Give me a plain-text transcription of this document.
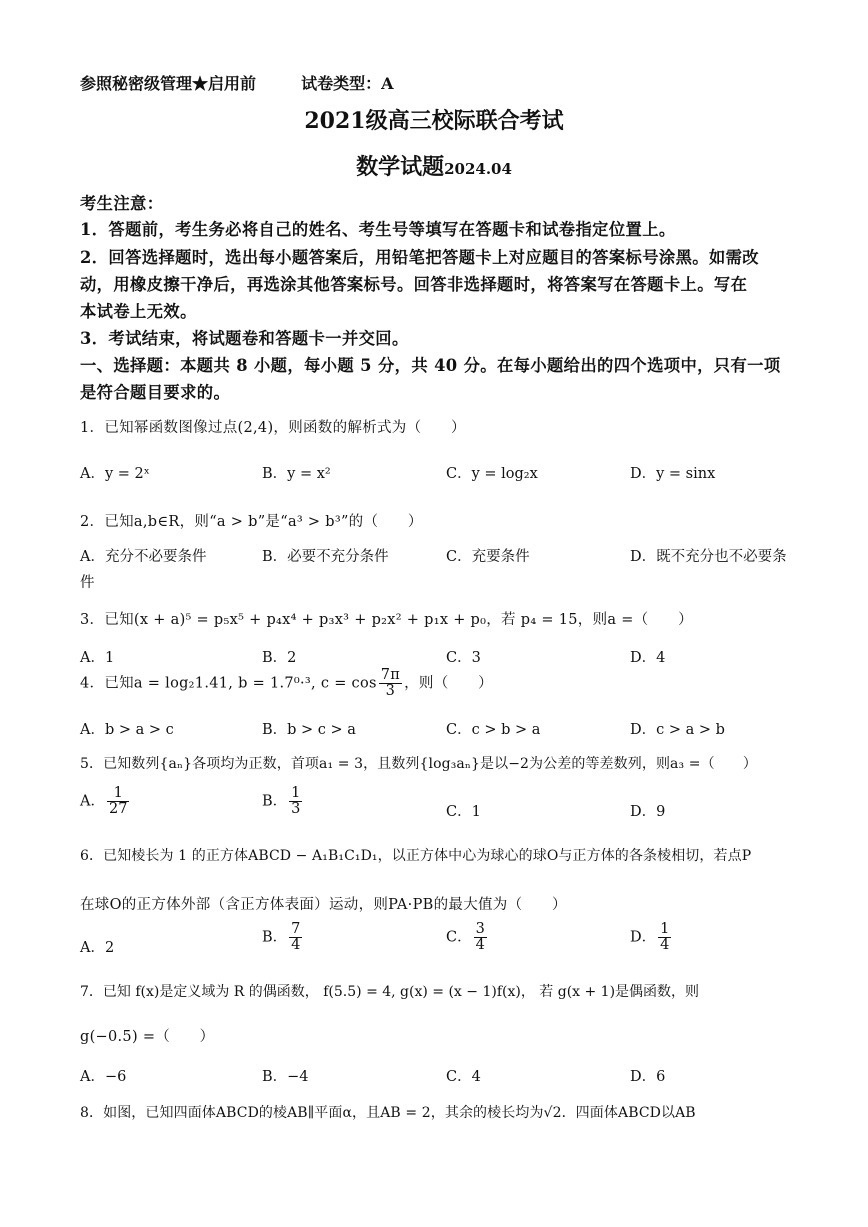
参照秘密级管理★启用前	试卷类型：A
2021级高三校际联合考试
数学试题2024.04
考生注意：
1．答题前，考生务必将自己的姓名、考生号等填写在答题卡和试卷指定位置上。
2．回答选择题时，选出每小题答案后，用铅笔把答题卡上对应题目的答案标号涂黑。如需改
动，用橡皮擦干净后，再选涂其他答案标号。回答非选择题时，将答案写在答题卡上。写在
本试卷上无效。
3．考试结束，将试题卷和答题卡一并交回。
一、选择题：本题共 8 小题，每小题 5 分，共 40 分。在每小题给出的四个选项中，只有一项
是符合题目要求的。
1．已知幂函数图像过点(2,4)，则函数的解析式为（　　）
A．y = 2ˣ	B．y = x²	C．y = log₂x	D．y = sinx
2．已知a,b∈R，则“a > b”是“a³ > b³”的（　　）
A．充分不必要条件	B．必要不充分条件	C．充要条件	D．既不充分也不必要条
件
3．已知(x + a)⁵ = p₅x⁵ + p₄x⁴ + p₃x³ + p₂x² + p₁x + p₀，若 p₄ = 15，则a =（　　）
A．1	B．2	C．3	D．4
4．已知a = log₂1.41, b = 1.7⁰·³, $c = \cos \frac{7\pi}{3}$ ，则（　　）
A．b > a > c	B．b > c > a	C．c > b > a	D．c > a > b
5．已知数列{aₙ}各项均为正数，首项a₁ = 3，且数列{log₃aₙ}是以−2为公差的等差数列，则a₃ =（　　）
A． $\frac{1}{27}$	B． $\frac{1}{3}$	C．1	D．9
6．已知棱长为 1 的正方体ABCD − A₁B₁C₁D₁，以正方体中心为球心的球O与正方体的各条棱相切，若点P
在球O的正方体外部（含正方体表面）运动，则PA·PB的最大值为（　　）
A．2
B． $\frac{7}{4}$	C． $\frac{3}{4}$	D． $\frac{1}{4}$
7．已知 f(x)是定义域为 R 的偶函数， f(5.5) = 4, g(x) = (x − 1)f(x)， 若 g(x + 1)是偶函数，则
g(−0.5) =（　　）
A．−6	B．−4	C．4	D．6
8．如图，已知四面体ABCD的棱AB∥平面α，且AB = 2，其余的棱长均为√2．四面体ABCD以AB
